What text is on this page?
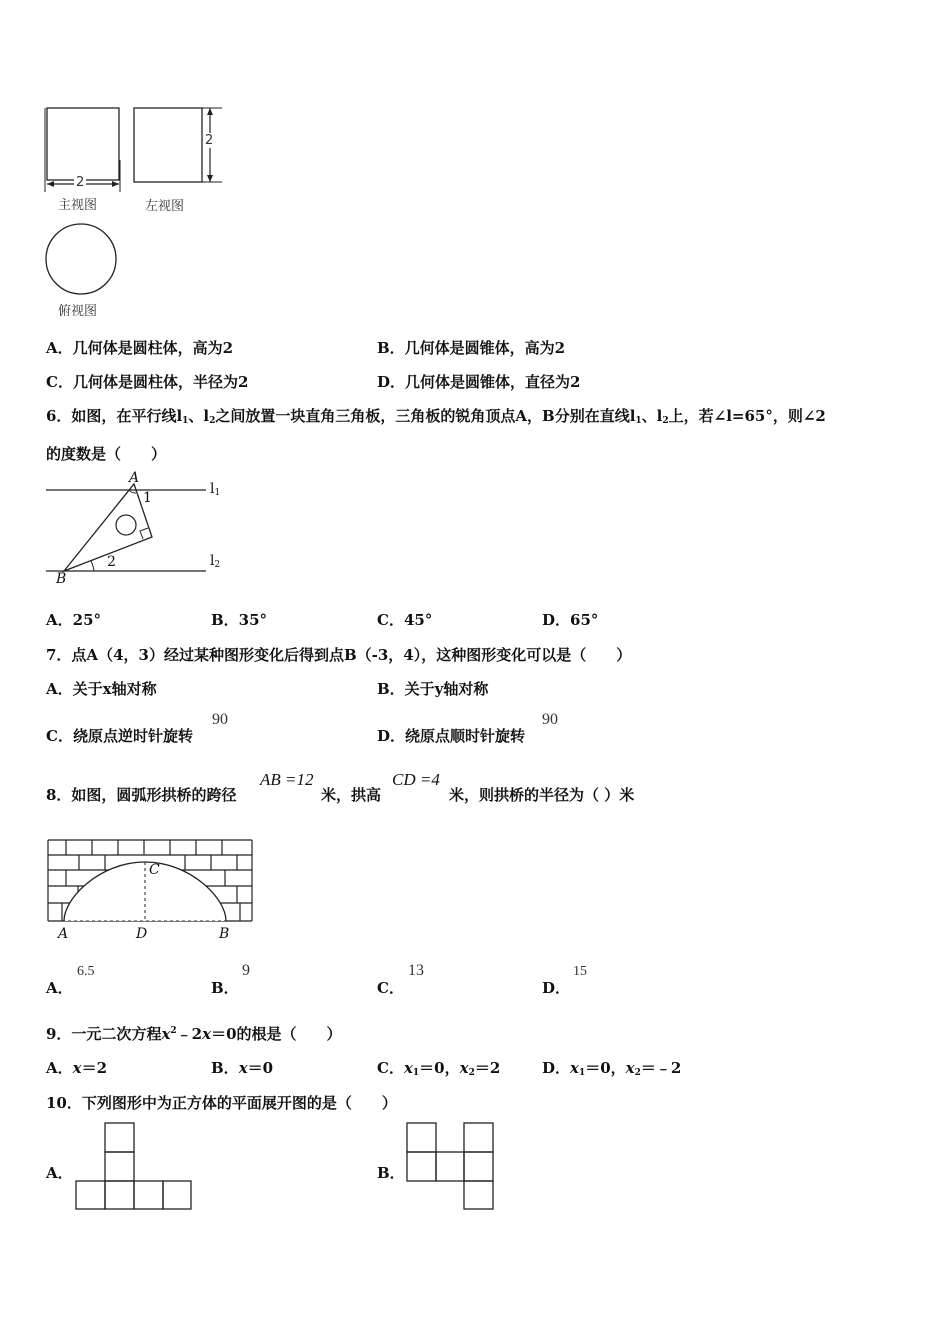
2
2
主视图	左视图
俯视图
A．几何体是圆柱体，高为2	B．几何体是圆锥体，高为2
C．几何体是圆柱体，半径为2	D．几何体是圆锥体，直径为2
6．如图，在平行线$l_1$、$l_2$之间放置一块直角三角板，三角板的锐角顶点A，B分别在直线$l_1$、$l_2$上，若∠l=65°，则∠2
的度数是（　　）
A
1
$l_1$
2	$l_2$
B
A．25°	B．35°	C．45°	D．65°
7．点A（4，3）经过某种图形变化后得到点B（-3，4），这种图形变化可以是（　　）
A．关于x轴对称	B．关于y轴对称
C．绕原点逆时针旋转
90
D．绕原点顺时针旋转
90
8．如图，圆弧形拱桥的跨径
AB =12
米，拱高
CD =4
米，则拱桥的半径为（ ）米
C
A	D	B
A．
6.5
B．
9
C．
13
D．
15
9．一元二次方程$x^2﹣2x=0$的根是（　　）
A．x＝2	B．x＝0	C．$x_1=0$，$x_2=2$	D．$x_1=0$，$x_2=﹣2$
10．下列图形中为正方体的平面展开图的是（　　）
A．	B．
